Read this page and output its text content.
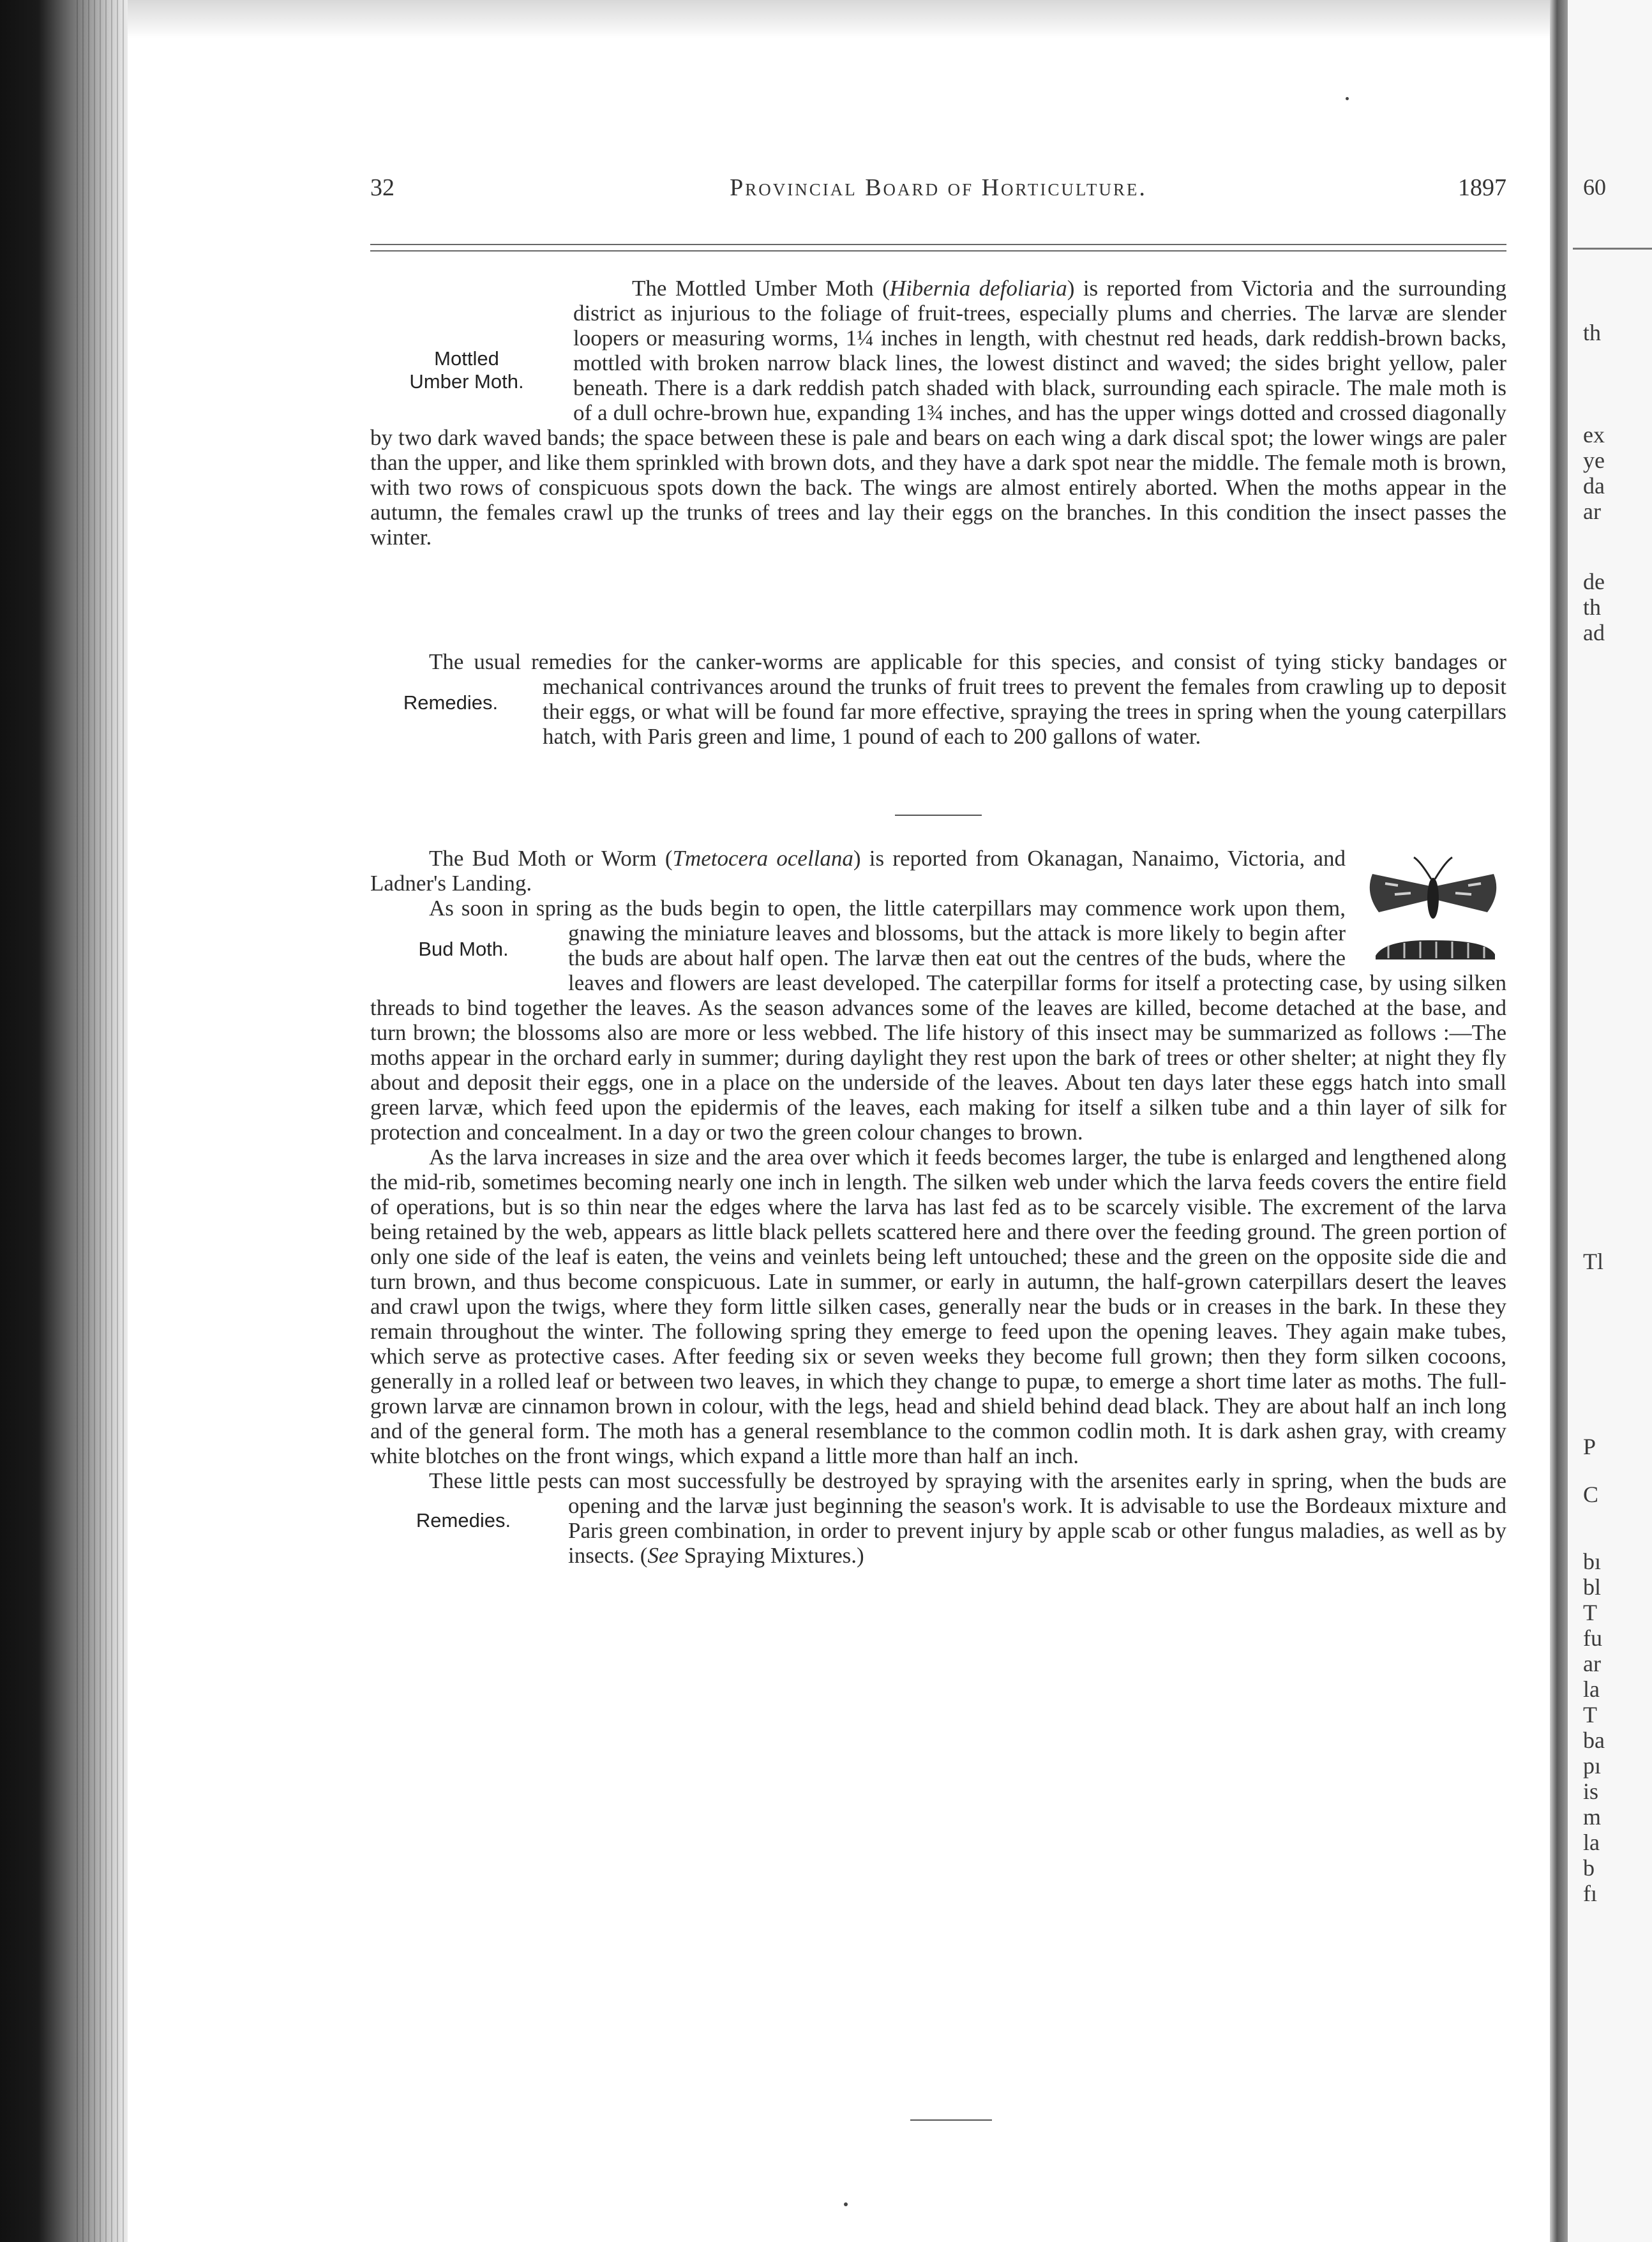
60
th
ex
ye
da
ar
de
th
ad
Tl
P
C
bı
bl
T
fu
ar
la
T
ba
pı
is
m
la
b
fı
32	Provincial Board of Horticulture.	1897

The Mottled Umber Moth (Hibernia defoliaria) is reported from Victoria and the surrounding district as injurious to the foliage of fruit-trees, especially plums and cherries. The larvæ are slender loopers or measuring worms, 1¼ inches in length, with chestnut red heads, dark reddish-brown backs, mottled with broken narrow black lines, the lowest distinct and waved; the sides bright yellow, paler beneath. There is a dark reddish patch shaded with black, surrounding each spiracle. The male moth is of a dull ochre-brown hue, expanding 1¾ inches, and has the upper wings dotted and crossed diagonally by two dark waved bands; the space between these is pale and bears on each wing a dark discal spot; the lower wings are paler than the upper, and like them sprinkled with brown dots, and they have a dark spot near the middle. The female moth is brown, with two rows of conspicuous spots down the back. The wings are almost entirely aborted. When the moths appear in the autumn, the females crawl up the trunks of trees and lay their eggs on the branches. In this condition the insect passes the winter.

The usual remedies for the canker-worms are applicable for this species, and consist of tying sticky bandages or mechanical contrivances around the trunks of fruit trees to prevent
Remedies.
the females from crawling up to deposit their eggs, or what will be found far more effective, spraying the trees in spring when the young caterpillars hatch, with Paris green and lime, 1 pound of each to 200 gallons of water.

The Bud Moth or Worm (Tmetocera ocellana) is reported from Okanagan, Nanaimo, Victoria, and Ladner's Landing.

As soon in spring as the buds begin to open, the little caterpillars may commence work upon them, gnawing the miniature leaves and blossoms, but the
Bud Moth.
attack is more likely to begin after the buds are about half open. The larvæ then eat out the centres of the buds, where the leaves and flowers are least developed. The caterpillar forms for itself a protecting case, by using silken threads to bind together the leaves. As the season advances some of the leaves are killed, become detached at the base, and turn brown; the blossoms also are more or less webbed. The life history of this insect may be summarized as follows :—The moths appear in the orchard early in summer; during daylight they rest upon the bark of trees or other shelter; at night they fly about and deposit their eggs, one in a place on the underside of the leaves. About ten days later these eggs hatch into small green larvæ, which feed upon the epidermis of the leaves, each making for itself a silken tube and a thin layer of silk for protection and concealment. In a day or two the green colour changes to brown.

As the larva increases in size and the area over which it feeds becomes larger, the tube is enlarged and lengthened along the mid-rib, sometimes becoming nearly one inch in length. The silken web under which the larva feeds covers the entire field of operations, but is so thin near the edges where the larva has last fed as to be scarcely visible. The excrement of the larva being retained by the web, appears as little black pellets scattered here and there over the feeding ground. The green portion of only one side of the leaf is eaten, the veins and veinlets being left untouched; these and the green on the opposite side die and turn brown, and thus become conspicuous. Late in summer, or early in autumn, the half-grown caterpillars desert the leaves and crawl upon the twigs, where they form little silken cases, generally near the buds or in creases in the bark. In these they remain throughout the winter. The following spring they emerge to feed upon the opening leaves. They again make tubes, which serve as protective cases. After feeding six or seven weeks they become full grown; then they form silken cocoons, generally in a rolled leaf or between two leaves, in which they change to pupæ, to emerge a short time later as moths. The full-grown larvæ are cinnamon brown in colour, with the legs, head and shield behind dead black. They are about half an inch long and of the general form. The moth has a general resemblance to the common codlin moth. It is dark ashen gray, with creamy white blotches on the front wings, which expand a little more than half an inch.

These little pests can most successfully be destroyed by spraying with the arsenites early in spring, when the buds are opening and the larvæ just beginning the season's work. It is
Remedies.
advisable to use the Bordeaux mixture and Paris green combination, in order to prevent injury by apple scab or other fungus maladies, as well as by insects. (See Spraying Mixtures.)

Mottled
Umber Moth.
